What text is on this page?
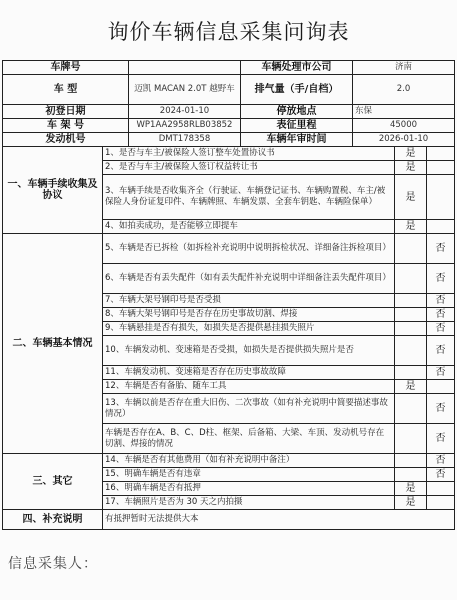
询价车辆信息采集问询表
车牌号			车辆处理市公司	济南		
车 型		迈凯 MACAN 2.0T 越野车	排气量（手/自档）	2.0		
初登日期		2024-01-10	停放地点	东保		
车 架 号		WP1AA2958RLB03852	表征里程	45000		
发动机号		DMT178358	车辆年审时间	2026-01-10		
一、车辆手续收集及协议	1、是否与车主/被保险人签订整车处置协议书				是	
	2、是否与车主/被保险人签订权益转让书				是	
	3、车辆手续是否收集齐全（行驶证、车辆登记证书、车辆购置税、车主/被保险人身份证复印件、车辆牌照、车辆发票、全套车钥匙、车辆险保单）				是	
	4、如拍卖成功，是否能够立即提车				是	

二、车辆基本情况	5、车辆是否已拆检（如拆检补充说明中说明拆检状况、详细备注拆检项目）					否
	6、车辆是否有丢失配件（如有丢失配件补充说明中详细备注丢失配件项目）					否
	7、车辆大架号钢印号是否受损					否
	8、车辆大架号钢印号是否存在历史事故切割、焊接					否
	9、车辆悬挂是否有损失，如损失是否提供悬挂损失照片					否
	10、车辆发动机、变速箱是否受损，如损失是否提供损失照片是否					否
	11、车辆发动机、变速箱是否存在历史事故故障					否
	12、车辆是否有备胎、随车工具				是	
	13、车辆以前是否存在重大旧伤、二次事故（如有补充说明中简要描述事故情况）					否
	车辆是否存在A、B、C、D柱、框架、后备箱、大梁、车顶、发动机号存在切割、焊接的情况					否

三、其它	14、车辆是否有其他费用（如有补充说明中备注）					否
	15、明确车辆是否有违章					否
	16、明确车辆是否有抵押				是	
	17、车辆照片是否为 30 天之内拍摄				是	
四、补充说明	有抵押暂时无法提供大本					
信息采集人：
